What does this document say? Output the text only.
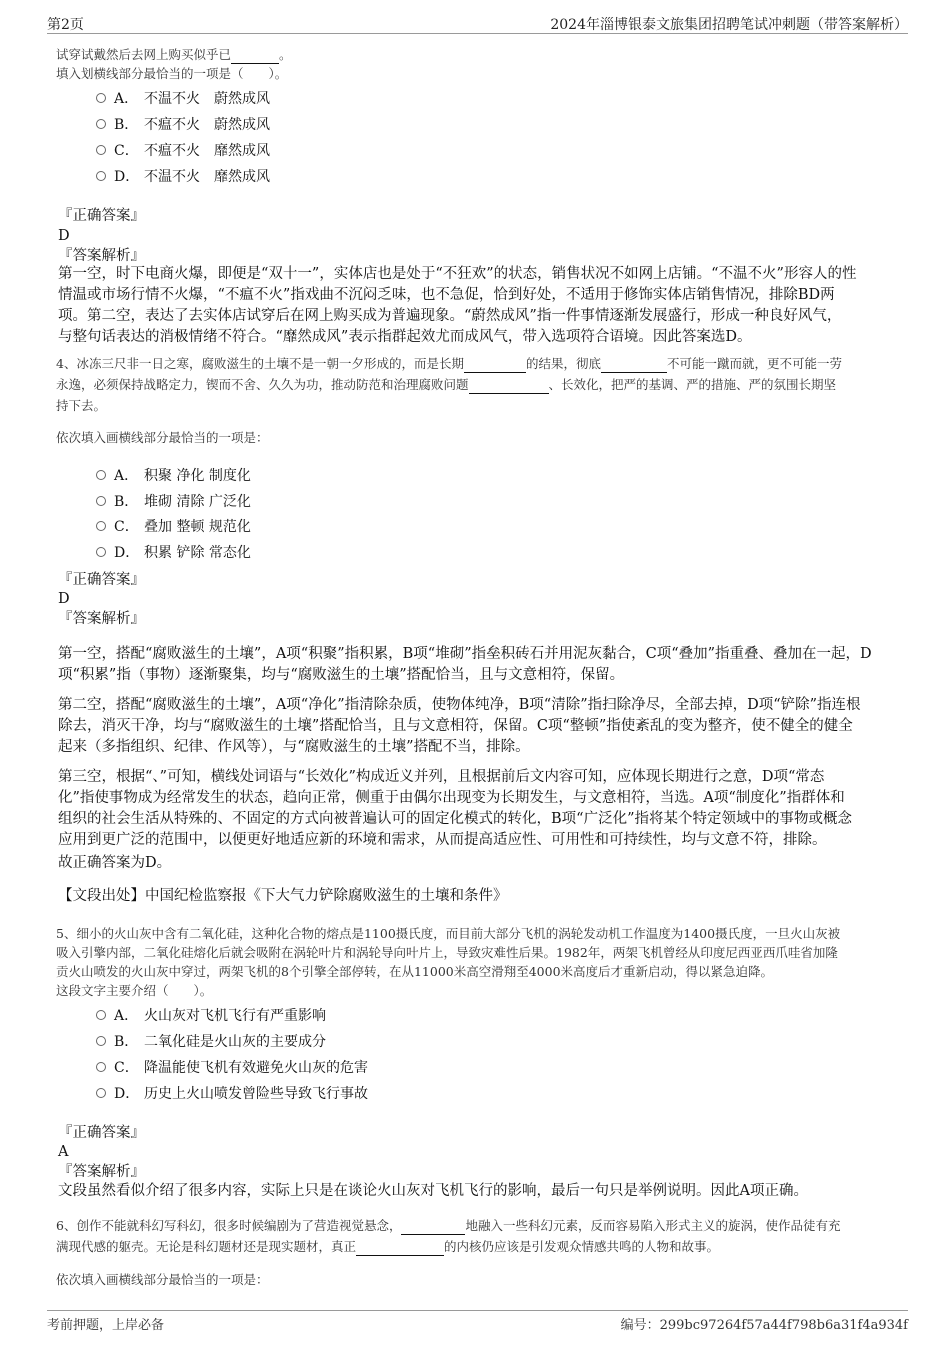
第2页	2024年淄博银泰文旅集团招聘笔试冲刺题（带答案解析）
试穿试戴然后去网上购买似乎已	。
填入划横线部分最恰当的一项是（　　）。
A． 不温不火　蔚然成风
B． 不瘟不火　蔚然成风
C． 不瘟不火　靡然成风
D． 不温不火　靡然成风
『正确答案』
D
『答案解析』
第一空，时下电商火爆，即便是“双十一”，实体店也是处于“不狂欢”的状态，销售状况不如网上店铺。“不温不火”形容人的性
情温或市场行情不火爆，“不瘟不火”指戏曲不沉闷乏味，也不急促，恰到好处，不适用于修饰实体店销售情况，排除BD两
项。第二空，表达了去实体店试穿后在网上购买成为普遍现象。“蔚然成风”指一件事情逐渐发展盛行，形成一种良好风气，
与整句话表达的消极情绪不符合。“靡然成风”表示指群起效尤而成风气，带入选项符合语境。因此答案选D。
4、冰冻三尺非一日之寒，腐败滋生的土壤不是一朝一夕形成的，而是长期	的结果，彻底	不可能一蹴而就，更不可能一劳
永逸，必须保持战略定力，锲而不舍、久久为功，推动防范和治理腐败问题	、长效化，把严的基调、严的措施、严的氛围长期坚
持下去。
依次填入画横线部分最恰当的一项是：
A． 积聚 净化 制度化
B． 堆砌 清除 广泛化
C． 叠加 整顿 规范化
D． 积累 铲除 常态化
『正确答案』
D
『答案解析』
第一空，搭配“腐败滋生的土壤”，A项“积聚”指积累，B项“堆砌”指垒积砖石并用泥灰黏合，C项“叠加”指重叠、叠加在一起，D
项“积累”指（事物）逐渐聚集，均与“腐败滋生的土壤”搭配恰当，且与文意相符，保留。
第二空，搭配“腐败滋生的土壤”，A项“净化”指清除杂质，使物体纯净，B项“清除”指扫除净尽，全部去掉，D项“铲除”指连根
除去，消灭干净，均与“腐败滋生的土壤”搭配恰当，且与文意相符，保留。C项“整顿”指使紊乱的变为整齐，使不健全的健全
起来（多指组织、纪律、作风等），与“腐败滋生的土壤”搭配不当，排除。
第三空，根据“、”可知，横线处词语与“长效化”构成近义并列，且根据前后文内容可知，应体现长期进行之意，D项“常态
化”指使事物成为经常发生的状态，趋向正常，侧重于由偶尔出现变为长期发生，与文意相符，当选。A项“制度化”指群体和
组织的社会生活从特殊的、不固定的方式向被普遍认可的固定化模式的转化，B项“广泛化”指将某个特定领域中的事物或概念
应用到更广泛的范围中，以便更好地适应新的环境和需求，从而提高适应性、可用性和可持续性，均与文意不符，排除。
故正确答案为D。
【文段出处】中国纪检监察报《下大气力铲除腐败滋生的土壤和条件》
5、细小的火山灰中含有二氧化硅，这种化合物的熔点是1100摄氏度，而目前大部分飞机的涡轮发动机工作温度为1400摄氏度，一旦火山灰被
吸入引擎内部，二氧化硅熔化后就会吸附在涡轮叶片和涡轮导向叶片上，导致灾难性后果。1982年，两架飞机曾经从印度尼西亚西爪哇省加隆
贡火山喷发的火山灰中穿过，两架飞机的8个引擎全部停转，在从11000米高空滑翔至4000米高度后才重新启动，得以紧急迫降。
这段文字主要介绍（　　）。
A． 火山灰对飞机飞行有严重影响
B． 二氧化硅是火山灰的主要成分
C． 降温能使飞机有效避免火山灰的危害
D． 历史上火山喷发曾险些导致飞行事故
『正确答案』
A
『答案解析』
文段虽然看似介绍了很多内容，实际上只是在谈论火山灰对飞机飞行的影响，最后一句只是举例说明。因此A项正确。
6、创作不能就科幻写科幻，很多时候编剧为了营造视觉悬念，	地融入一些科幻元素，反而容易陷入形式主义的旋涡，使作品徒有充
满现代感的躯壳。无论是科幻题材还是现实题材，真正	的内核仍应该是引发观众情感共鸣的人物和故事。
依次填入画横线部分最恰当的一项是：
考前押题，上岸必备	编号：299bc97264f57a44f798b6a31f4a934f
